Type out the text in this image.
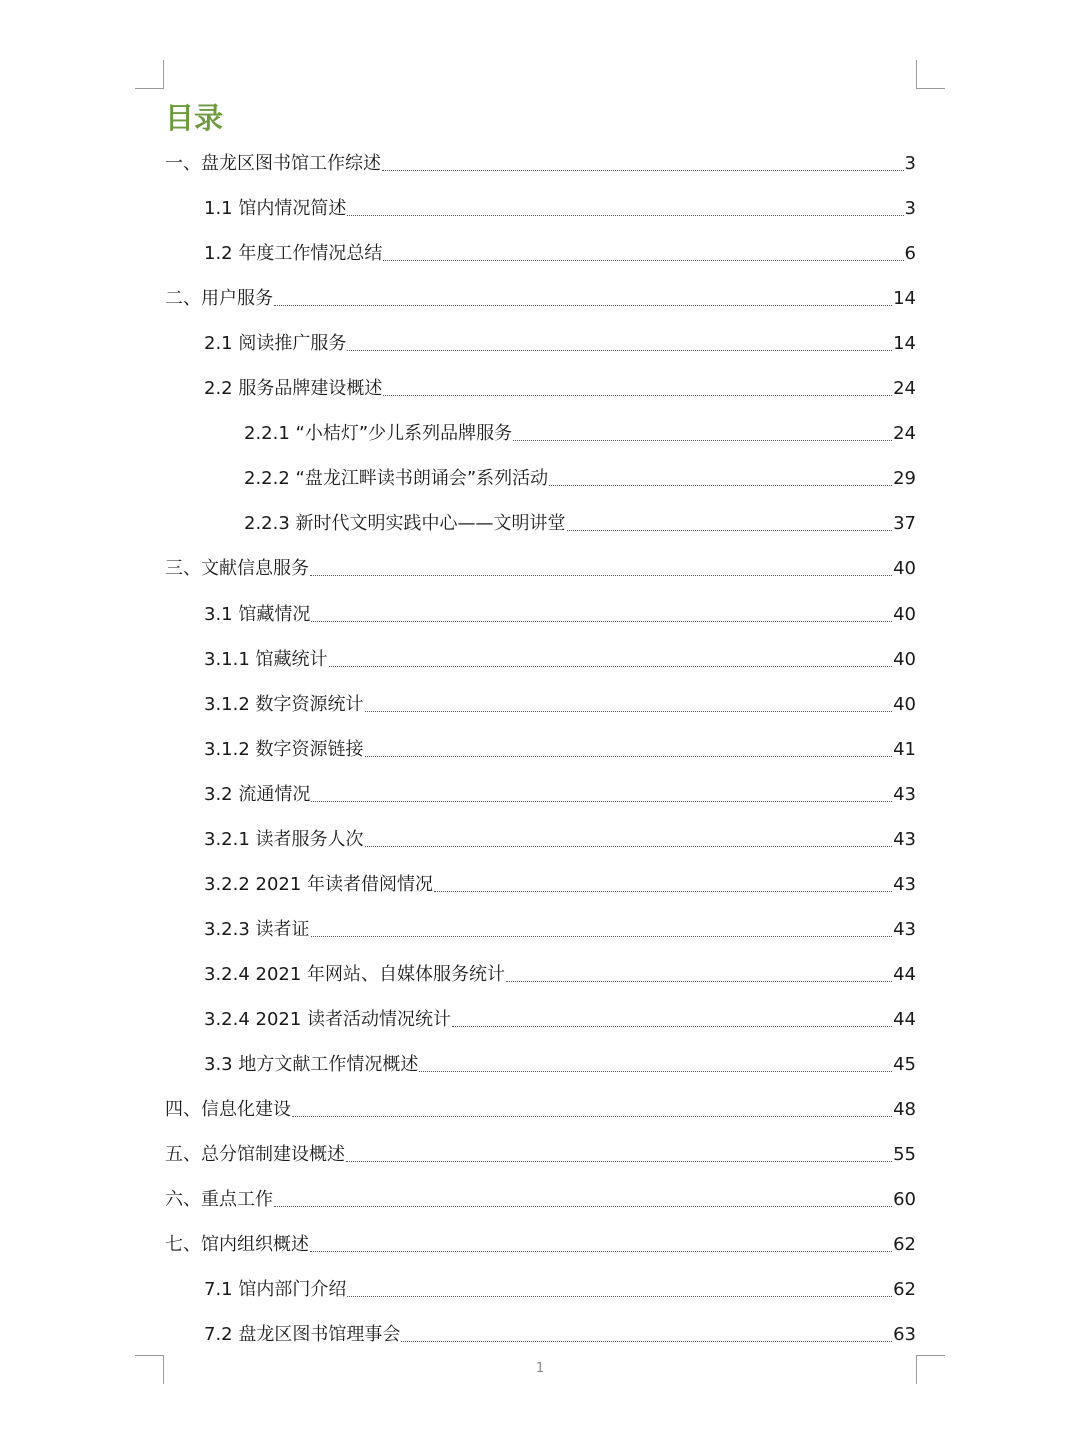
目录
一、盘龙区图书馆工作综述	3
1.1 馆内情况简述	3
1.2 年度工作情况总结	6
二、用户服务	14
2.1 阅读推广服务	14
2.2 服务品牌建设概述	24
2.2.1 “小桔灯”少儿系列品牌服务	24
2.2.2 “盘龙江畔读书朗诵会”系列活动	29
2.2.3 新时代文明实践中心——文明讲堂	37
三、文献信息服务	40
3.1 馆藏情况	40
3.1.1 馆藏统计	40
3.1.2 数字资源统计	40
3.1.2 数字资源链接	41
3.2 流通情况	43
3.2.1 读者服务人次	43
3.2.2 2021 年读者借阅情况	43
3.2.3 读者证	43
3.2.4 2021 年网站、自媒体服务统计	44
3.2.4 2021 读者活动情况统计	44
3.3 地方文献工作情况概述	45
四、信息化建设	48
五、总分馆制建设概述	55
六、重点工作	60
七、馆内组织概述	62
7.1 馆内部门介绍	62
7.2 盘龙区图书馆理事会	63
1
